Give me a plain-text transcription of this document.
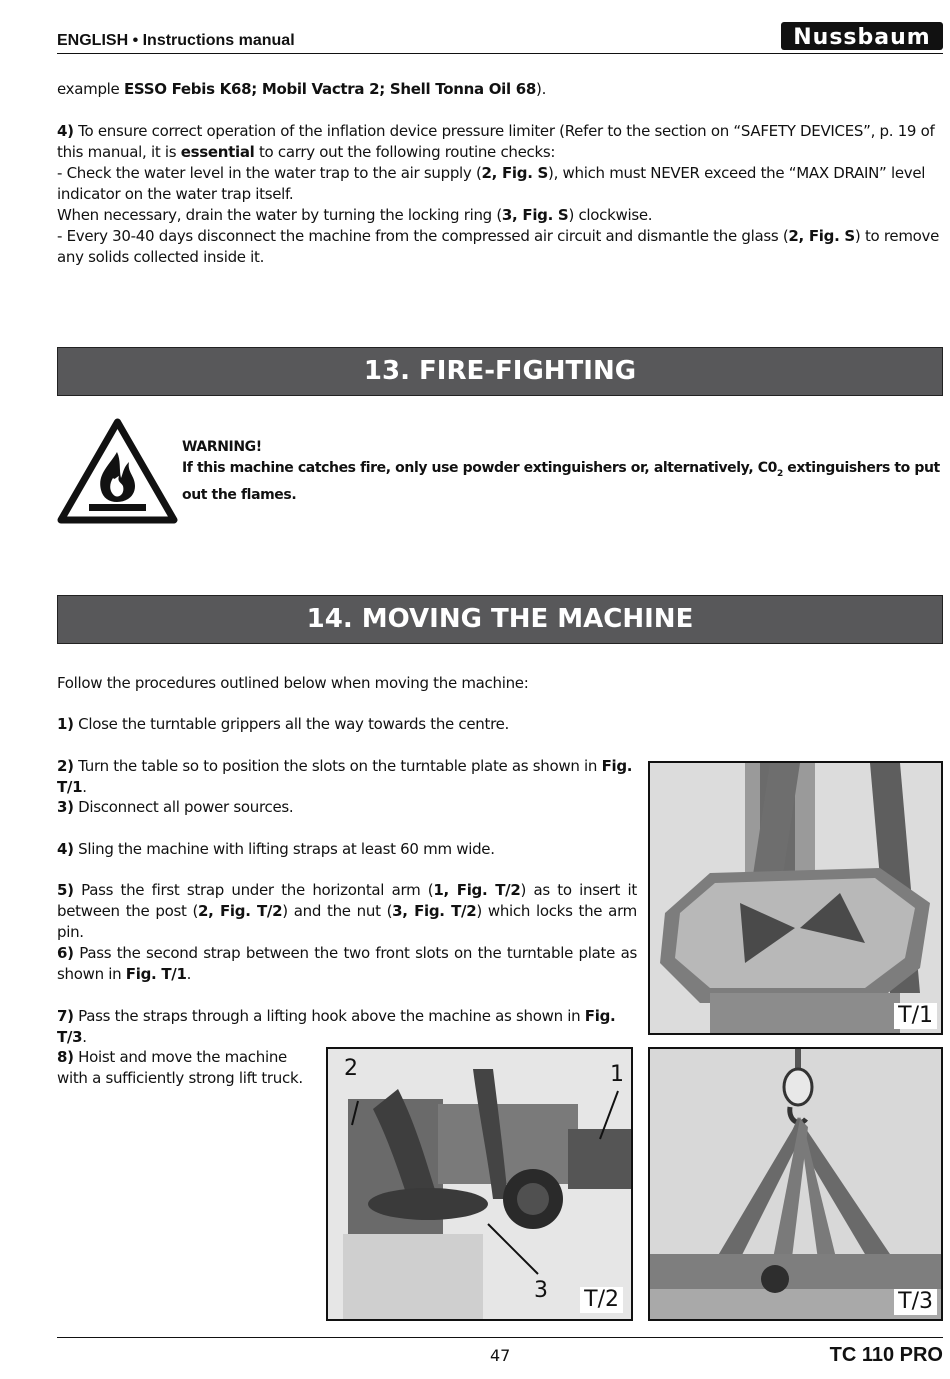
ENGLISH • Instructions manual	Nussbaum
example ESSO Febis K68; Mobil Vactra 2; Shell Tonna Oil 68).
4) To ensure correct operation of the inflation device pressure limiter (Refer to the section on “SAFETY DEVICES”, p. 19 of this manual, it is essential to carry out the following routine checks:
- Check the water level in the water trap to the air supply (2, Fig. S), which must NEVER exceed the “MAX DRAIN” level indicator on the water trap itself.
When necessary, drain the water by turning the locking ring (3, Fig. S) clockwise.
- Every 30-40 days disconnect the machine from the compressed air circuit and dismantle the glass (2, Fig. S) to remove any solids collected inside it.
13. FIRE-FIGHTING
WARNING!
If this machine catches fire, only use powder extinguishers or, alternatively, $C0_2$ extinguishers to put out the flames.
14. MOVING THE MACHINE
Follow the procedures outlined below when moving the machine:
1) Close the turntable grippers all the way towards the centre.
2) Turn the table so to position the slots on the turntable plate as shown in Fig. T/1.
3) Disconnect all power sources.
4) Sling the machine with lifting straps at least 60 mm wide.
5) Pass the first strap under the horizontal arm (1, Fig. T/2) as to insert it between the post (2, Fig. T/2) and the nut (3, Fig. T/2) which locks the arm pin.
6) Pass the second strap between the two front slots on the turntable plate as shown in Fig. T/1.
7) Pass the straps through a lifting hook above the machine as shown in Fig. T/3.
8) Hoist and move the machine with a sufficiently strong lift truck.
T/1
2	1
3 T/2	T/3
47	TC 110 PRO
